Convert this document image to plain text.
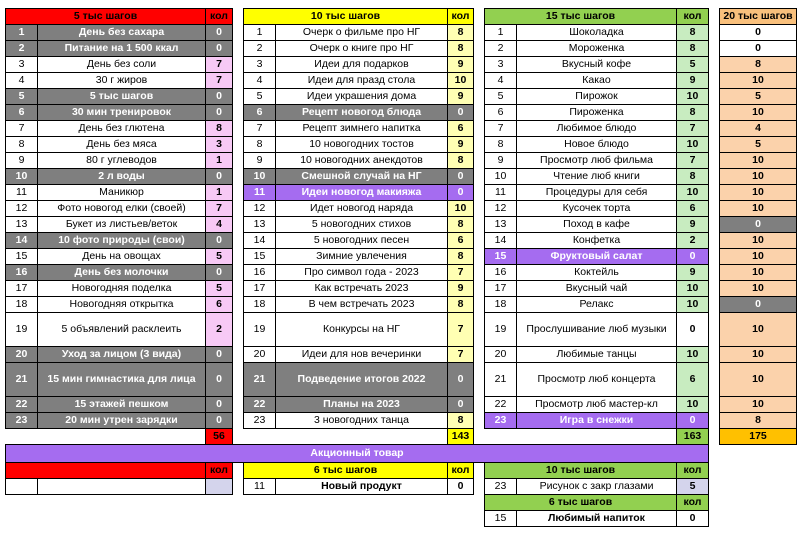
5 тыс шагов		кол		10 тыс шагов		кол		15 тыс шагов		кол		20 тыс шагов
1	День без сахара	0		1	Очерк о фильме про НГ	8		1	Шоколадка	8		0
2	Питание на 1 500 ккал	0		2	Очерк о книге про НГ	8		2	Мороженка	8		0
3	День без соли	7		3	Идеи для подарков	9		3	Вкусный кофе	5		8
4	30 г жиров	7		4	Идеи для празд стола	10		4	Какао	9		10
5	5 тыс шагов	0		5	Идеи украшения дома	9		5	Пирожок	10		5
6	30 мин тренировок	0		6	Рецепт новогод блюда	0		6	Пироженка	8		10
7	День без глютена	8		7	Рецепт зимнего напитка	6		7	Любимое блюдо	7		4
8	День без мяса	3		8	10 новогодних тостов	9		8	Новое блюдо	10		5
9	80 г углеводов	1		9	10 новогодних анекдотов	8		9	Просмотр люб фильма	7		10
10	2 л воды	0		10	Смешной случай на НГ	0		10	Чтение люб книги	8		10
11	Маникюр	1		11	Идеи новогод макияжа	0		11	Процедуры для себя	10		10
12	Фото новогод елки (своей)	7		12	Идет новогод наряда	10		12	Кусочек торта	6		10
13	Букет из листьев/веток	4		13	5 новогодних стихов	8		13	Поход в кафе	9		0
14	10 фото природы (свои)	0		14	5 новогодних песен	6		14	Конфетка	2		10
15	День на овощах	5		15	Зимние увлечения	8		15	Фруктовый салат	0		10
16	День без молочки	0		16	Про символ года - 2023	7		16	Коктейль	9		10
17	Новогодняя поделка	5		17	Как встречать 2023	9		17	Вкусный чай	10		10
18	Новогодняя открытка	6		18	В чем встречать 2023	8		18	Релакс	10		0
19	5 объявлений расклеить	2		19	Конкурсы на НГ	7		19	Прослушивание люб музыки	0		10
20	Уход за лицом (3 вида)	0		20	Идеи для нов вечеринки	7		20	Любимые танцы	10		10
21	15 мин гимнастика для лица	0		21	Подведение итогов 2022	0		21	Просмотр люб концерта	6		10
22	15 этажей пешком	0		22	Планы на 2023	0		22	Просмотр люб мастер-кл	10		10
23	20 мин утрен зарядки	0		23	3 новогодних танца	8		23	Игра в снежки	0		8
		56				143				163		175
Акционный товар												
		кол		6 тыс шагов		кол		10 тыс шагов		кол		
				11	Новый продукт	0		23	Рисунок с закр глазами	5		
								6 тыс шагов		кол		
								15	Любимый напиток	0		
